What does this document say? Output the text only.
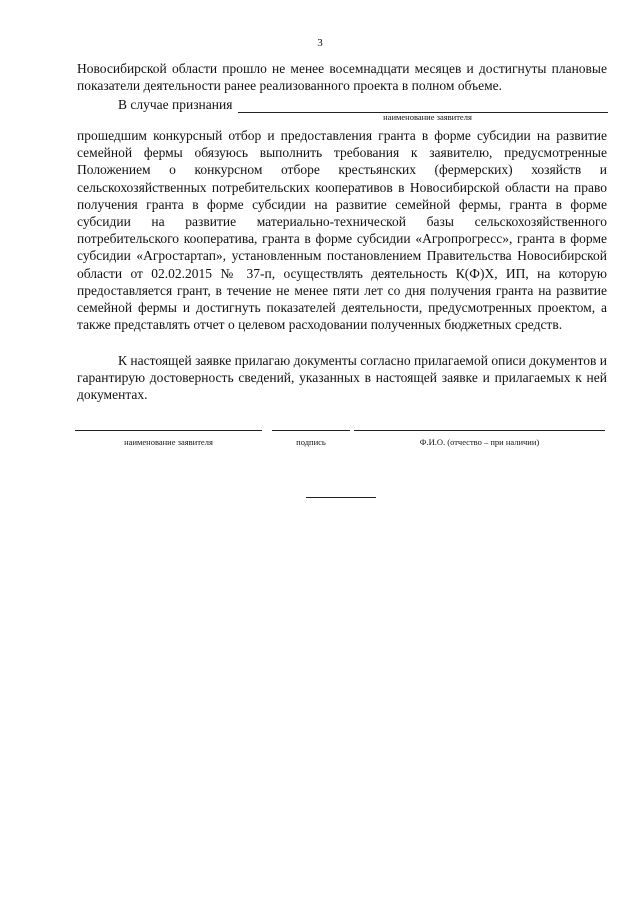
3

Новосибирской области прошло не менее восемнадцати месяцев и достигнуты плановые показатели деятельности ранее реализованного проекта в полном объеме.

В случае признания
наименование заявителя

прошедшим конкурсный отбор и предоставления гранта в форме субсидии на развитие семейной фермы обязуюсь выполнить требования к заявителю, предусмотренные Положением о конкурсном отборе крестьянских (фермерских) хозяйств и сельскохозяйственных потребительских кооперативов в Новосибирской области на право получения гранта в форме субсидии на развитие семейной фермы, гранта в форме субсидии на развитие материально-технической базы сельскохозяйственного потребительского кооператива, гранта в форме субсидии «Агропрогресс», гранта в форме субсидии «Агростартап», установленным постановлением Правительства Новосибирской области от 02.02.2015 № 37-п, осуществлять деятельность К(Ф)Х, ИП, на которую предоставляется грант, в течение не менее пяти лет со дня получения гранта на развитие семейной фермы и достигнуть показателей деятельности, предусмотренных проектом, а также представлять отчет о целевом расходовании полученных бюджетных средств.

К настоящей заявке прилагаю документы согласно прилагаемой описи документов и гарантирую достоверность сведений, указанных в настоящей заявке и прилагаемых к ней документах.

наименование заявителя	подпись	Ф.И.О. (отчество – при наличии)
